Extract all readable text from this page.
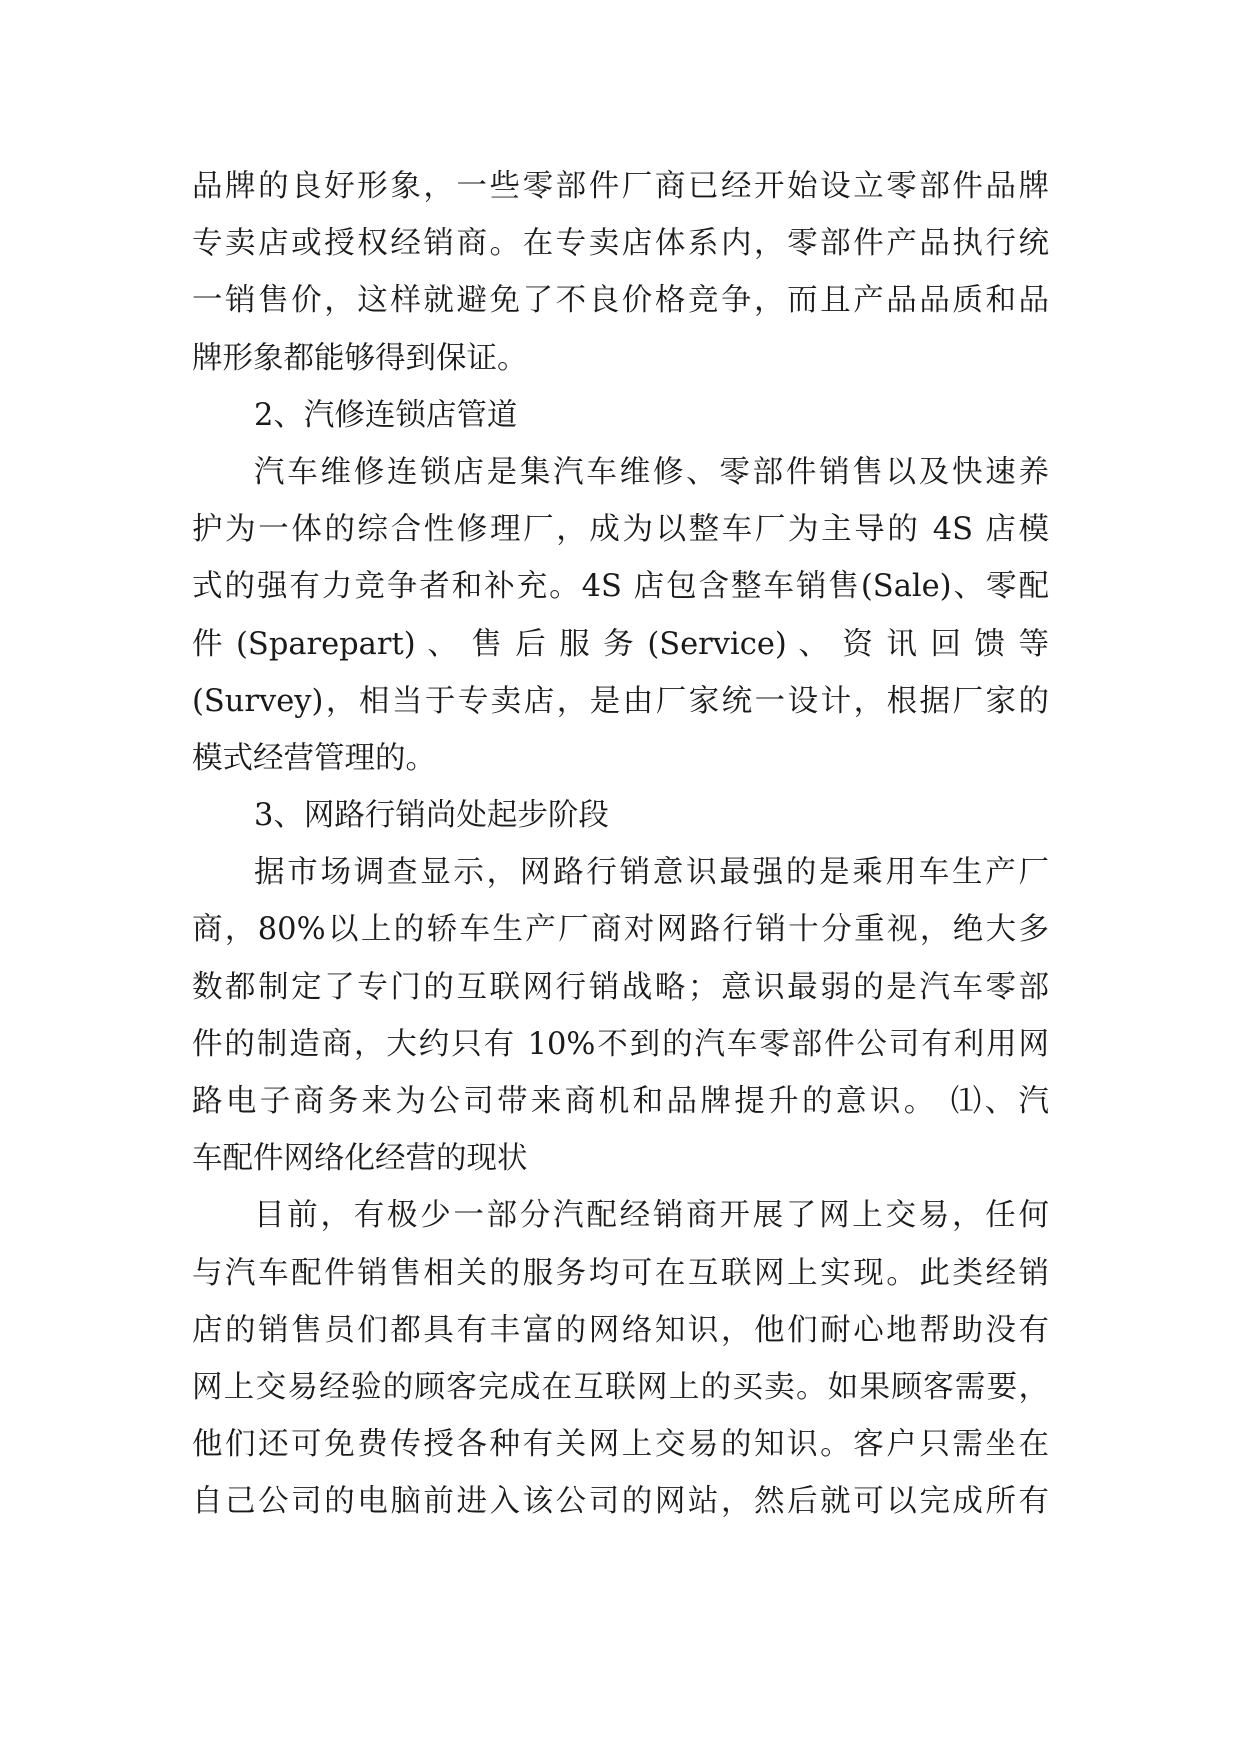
品牌的良好形象，一些零部件厂商已经开始设立零部件品牌
专卖店或授权经销商。在专卖店体系内，零部件产品执行统
一销售价，这样就避免了不良价格竞争，而且产品品质和品
牌形象都能够得到保证。
2、汽修连锁店管道
汽车维修连锁店是集汽车维修、零部件销售以及快速养
护为一体的综合性修理厂，成为以整车厂为主导的 4S 店模
式的强有力竞争者和补充。4S 店包含整车销售(Sale)、零配
件 (Sparepart) 、 售 后 服 务 (Service) 、 资 讯 回 馈 等
(Survey)，相当于专卖店，是由厂家统一设计，根据厂家的
模式经营管理的。
3、网路行销尚处起步阶段
据市场调查显示，网路行销意识最强的是乘用车生产厂
商，80%以上的轿车生产厂商对网路行销十分重视，绝大多
数都制定了专门的互联网行销战略；意识最弱的是汽车零部
件的制造商，大约只有 10%不到的汽车零部件公司有利用网
路电子商务来为公司带来商机和品牌提升的意识。 ⑴、汽
车配件网络化经营的现状
目前，有极少一部分汽配经销商开展了网上交易，任何
与汽车配件销售相关的服务均可在互联网上实现。此类经销
店的销售员们都具有丰富的网络知识，他们耐心地帮助没有
网上交易经验的顾客完成在互联网上的买卖。如果顾客需要，
他们还可免费传授各种有关网上交易的知识。客户只需坐在
自己公司的电脑前进入该公司的网站，然后就可以完成所有
